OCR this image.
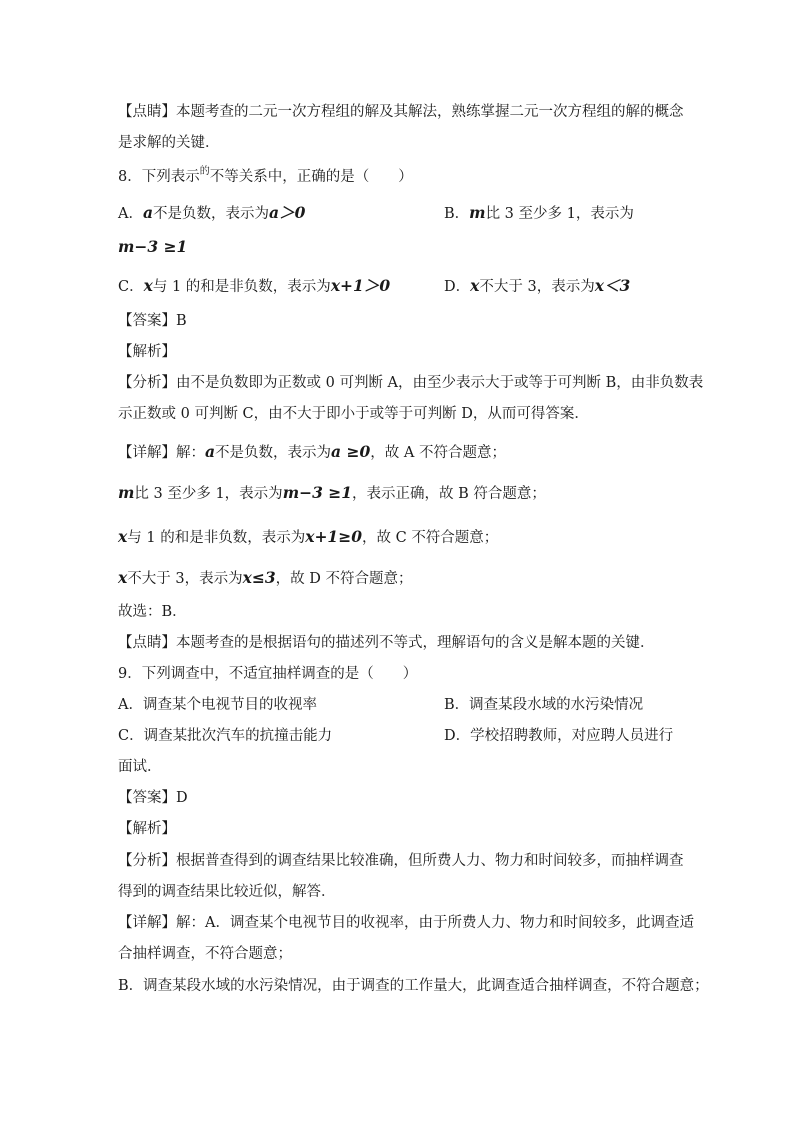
【点睛】本题考查的二元一次方程组的解及其解法，熟练掌握二元一次方程组的解的概念
是求解的关键．
8．下列表示$^的$不等关系中，正确的是（　　）
A．a不是负数，表示为a＞0	B．m比 3 至少多 1，表示为
m−3 ≥1
C．x与 1 的和是非负数，表示为x+1＞0	D．x不大于 3，表示为x＜3
【答案】B
【解析】
【分析】由不是负数即为正数或 0 可判断 A，由至少表示大于或等于可判断 B，由非负数表
示正数或 0 可判断 C，由不大于即小于或等于可判断 D，从而可得答案．
【详解】解：a不是负数，表示为a ≥0，故 A 不符合题意；
m比 3 至少多 1，表示为m−3 ≥1，表示正确，故 B 符合题意；
x与 1 的和是非负数，表示为x+1≥0，故 C 不符合题意；
x不大于 3，表示为x≤3，故 D 不符合题意；
故选：B．
【点睛】本题考查的是根据语句的描述列不等式，理解语句的含义是解本题的关键．
9．下列调查中，不适宜抽样调查的是（　　）
A．调查某个电视节目的收视率	B．调查某段水域的水污染情况
C．调查某批次汽车的抗撞击能力	D．学校招聘教师，对应聘人员进行
面试．
【答案】D
【解析】
【分析】根据普查得到的调查结果比较准确，但所费人力、物力和时间较多，而抽样调查
得到的调查结果比较近似，解答．
【详解】解：A．调查某个电视节目的收视率，由于所费人力、物力和时间较多，此调查适
合抽样调查，不符合题意；
B．调查某段水域的水污染情况，由于调查的工作量大，此调查适合抽样调查，不符合题意；
